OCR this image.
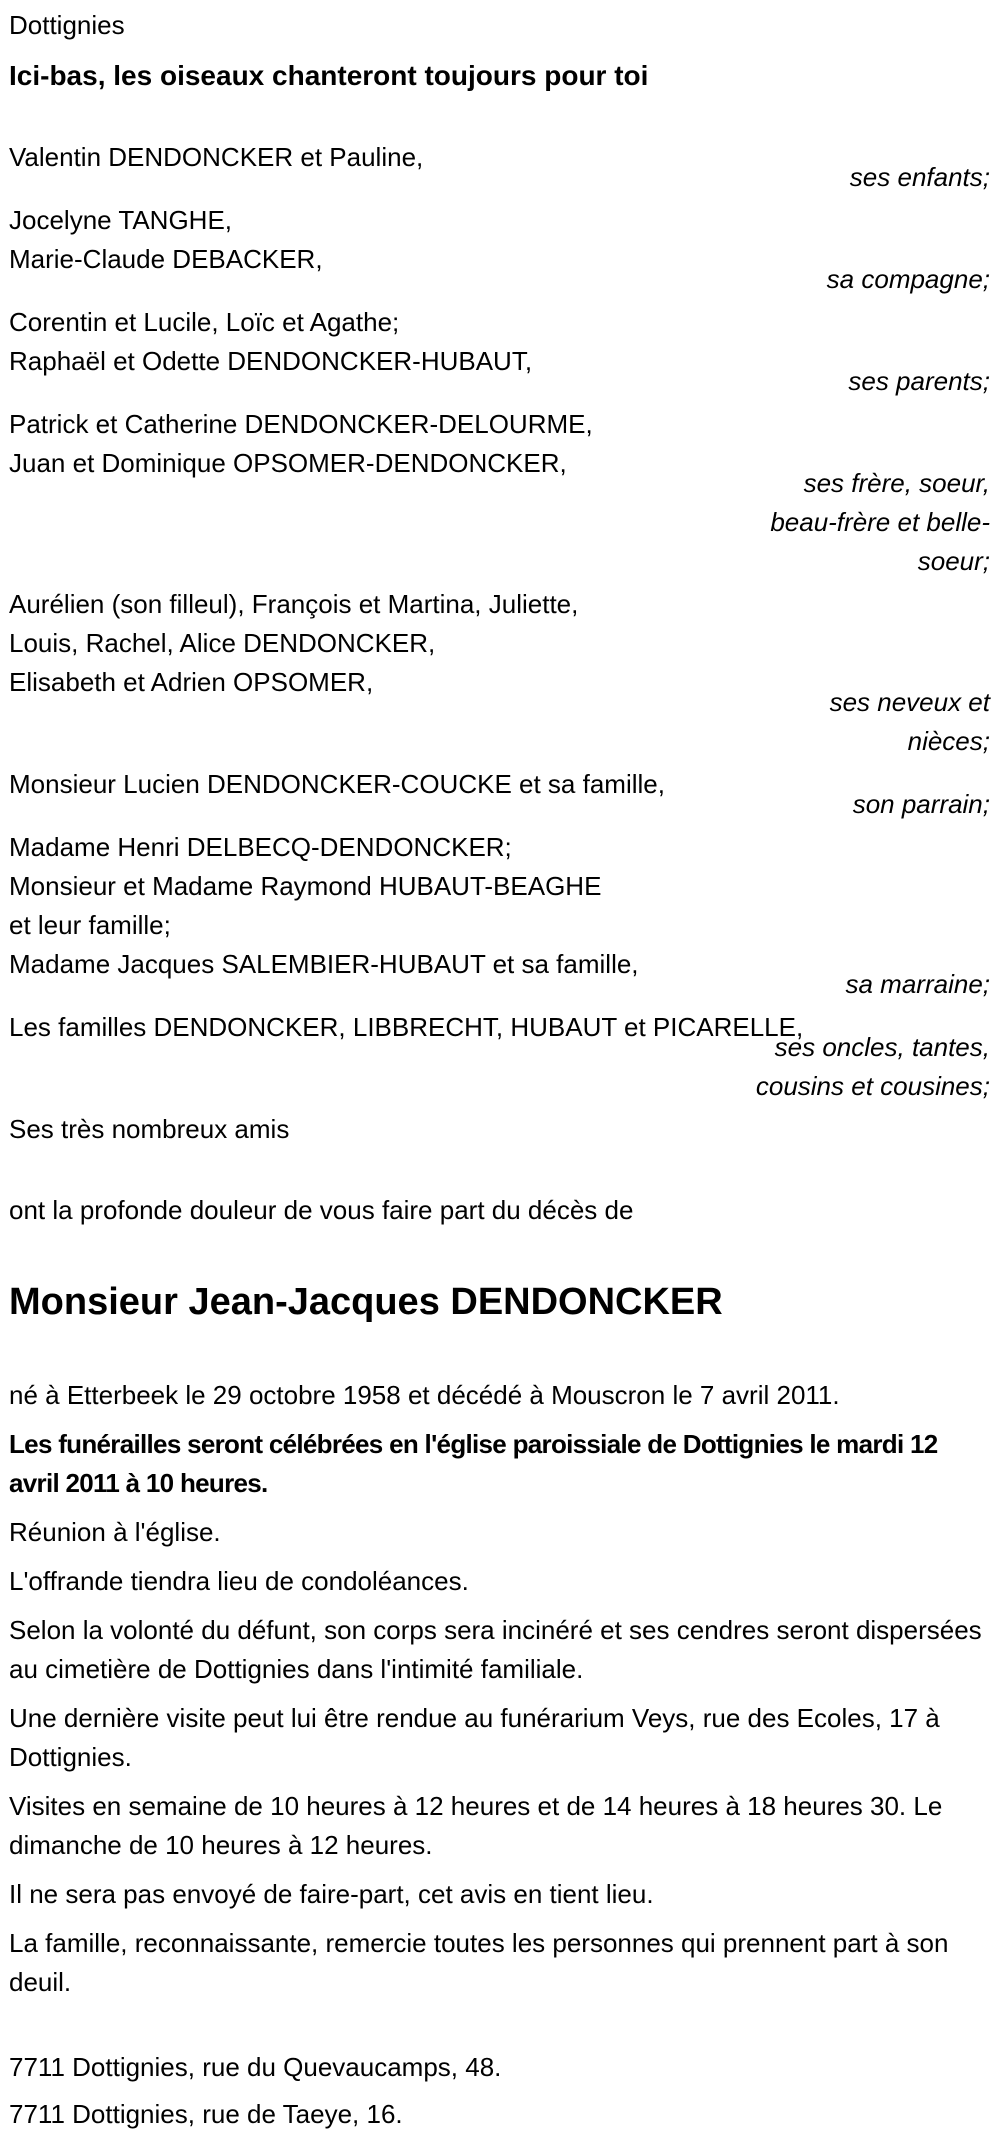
Dottignies
Ici-bas, les oiseaux chanteront toujours pour toi
Valentin DENDONCKER et Pauline,
ses enfants;
Jocelyne TANGHE,
Marie-Claude DEBACKER,
sa compagne;
Corentin et Lucile, Loïc et Agathe;
Raphaël et Odette DENDONCKER-HUBAUT,
ses parents;
Patrick et Catherine DENDONCKER-DELOURME,
Juan et Dominique OPSOMER-DENDONCKER,
ses frère, soeur,
beau-frère et belle-
soeur;
Aurélien (son filleul), François et Martina, Juliette,
Louis, Rachel, Alice DENDONCKER,
Elisabeth et Adrien OPSOMER,
ses neveux et
nièces;
Monsieur Lucien DENDONCKER-COUCKE et sa famille,
son parrain;
Madame Henri DELBECQ-DENDONCKER;
Monsieur et Madame Raymond HUBAUT-BEAGHE
et leur famille;
Madame Jacques SALEMBIER-HUBAUT et sa famille,
sa marraine;
Les familles DENDONCKER, LIBBRECHT, HUBAUT et PICARELLE,
ses oncles, tantes,
cousins et cousines;
Ses très nombreux amis
ont la profonde douleur de vous faire part du décès de
Monsieur Jean-Jacques DENDONCKER
né à Etterbeek le 29 octobre 1958 et décédé à Mouscron le 7 avril 2011.
Les funérailles seront célébrées en l'église paroissiale de Dottignies le mardi 12 avril 2011 à 10 heures.
Réunion à l'église.
L'offrande tiendra lieu de condoléances.
Selon la volonté du défunt, son corps sera incinéré et ses cendres seront dispersées au cimetière de Dottignies dans l'intimité familiale.
Une dernière visite peut lui être rendue au funérarium Veys, rue des Ecoles, 17 à Dottignies.
Visites en semaine de 10 heures à 12 heures et de 14 heures à 18 heures 30. Le dimanche de 10 heures à 12 heures.
Il ne sera pas envoyé de faire-part, cet avis en tient lieu.
La famille, reconnaissante, remercie toutes les personnes qui prennent part à son deuil.
7711 Dottignies, rue du Quevaucamps, 48.
7711 Dottignies, rue de Taeye, 16.
